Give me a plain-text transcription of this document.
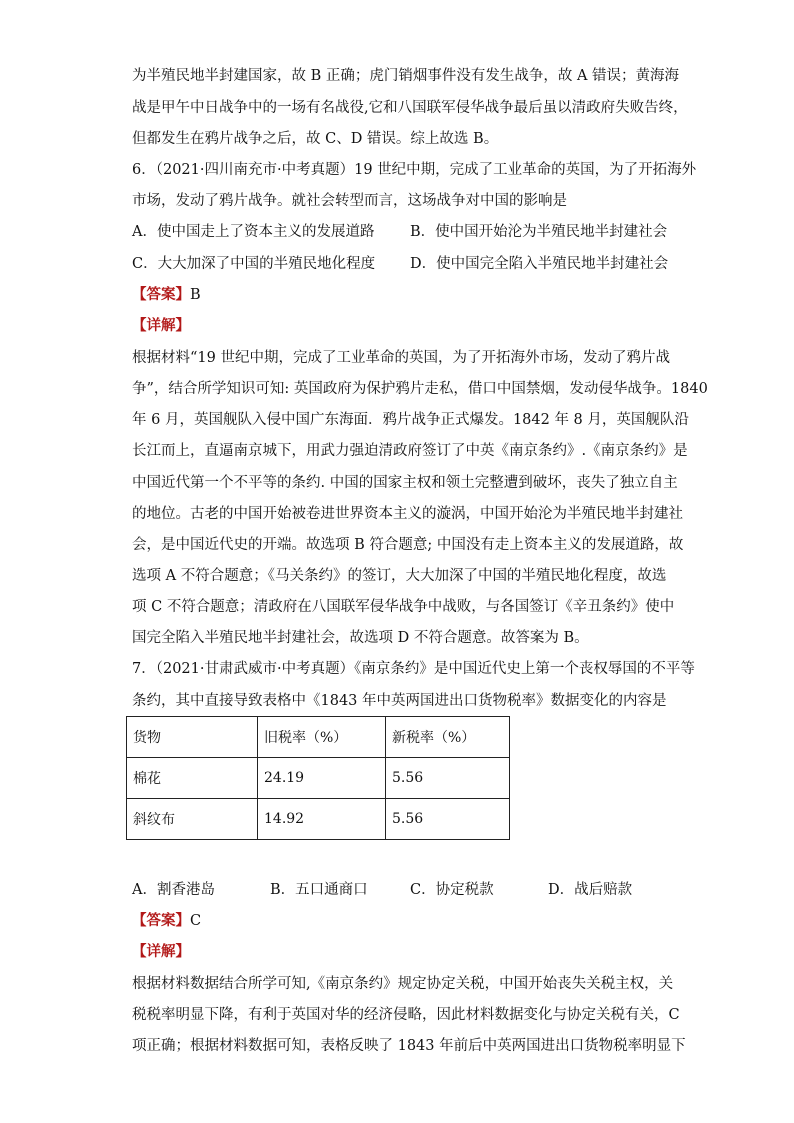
为半殖民地半封建国家，故 B 正确；虎门销烟事件没有发生战争，故 A 错误；黄海海
战是甲午中日战争中的一场有名战役,它和八国联军侵华战争最后虽以清政府失败告终，
但都发生在鸦片战争之后，故 C、D 错误。综上故选 B。
6．（2021·四川南充市·中考真题）19 世纪中期，完成了工业革命的英国，为了开拓海外
市场，发动了鸦片战争。就社会转型而言，这场战争对中国的影响是
A．使中国走上了资本主义的发展道路 B．使中国开始沦为半殖民地半封建社会
C．大大加深了中国的半殖民地化程度 D．使中国完全陷入半殖民地半封建社会
【答案】B
【详解】
根据材料“19 世纪中期，完成了工业革命的英国，为了开拓海外市场，发动了鸦片战
争”，结合所学知识可知: 英国政府为保护鸦片走私，借口中国禁烟，发动侵华战争。1840
年 6 月，英国舰队入侵中国广东海面．鸦片战争正式爆发。1842 年 8 月，英国舰队沿
长江而上，直逼南京城下，用武力强迫清政府签订了中英《南京条约》.《南京条约》是
中国近代第一个不平等的条约. 中国的国家主权和领土完整遭到破坏，丧失了独立自主
的地位。古老的中国开始被卷进世界资本主义的漩涡，中国开始沦为半殖民地半封建社
会，是中国近代史的开端。故选项 B 符合题意; 中国没有走上资本主义的发展道路，故
选项 A 不符合题意；《马关条约》的签订，大大加深了中国的半殖民地化程度，故选
项 C 不符合题意；清政府在八国联军侵华战争中战败，与各国签订《辛丑条约》使中
国完全陷入半殖民地半封建社会，故选项 D 不符合题意。故答案为 B。
7．（2021·甘肃武威市·中考真题）《南京条约》是中国近代史上第一个丧权辱国的不平等
条约，其中直接导致表格中《1843 年中英两国进出口货物税率》数据变化的内容是
货物	旧税率（%）	新税率（%）
棉花	24.19	5.56
斜纹布	14.92	5.56
A．割香港岛	B．五口通商口	C．协定税款	D．战后赔款
【答案】C
【详解】
根据材料数据结合所学可知,《南京条约》规定协定关税，中国开始丧失关税主权，关
税税率明显下降，有利于英国对华的经济侵略，因此材料数据变化与协定关税有关，C
项正确；根据材料数据可知，表格反映了 1843 年前后中英两国进出口货物税率明显下
